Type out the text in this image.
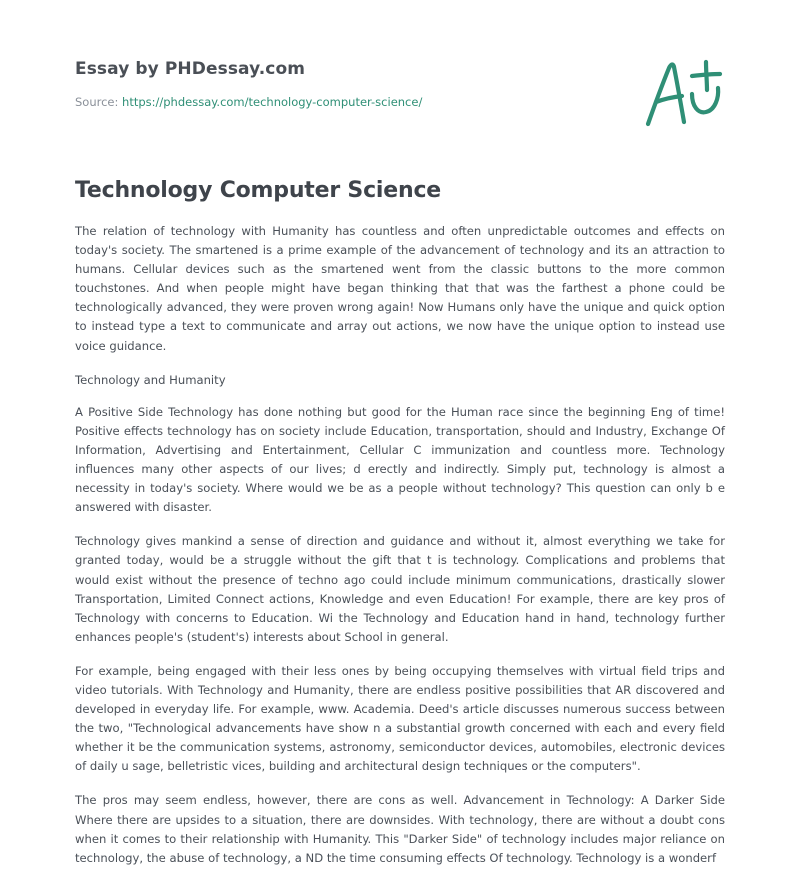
Essay by PHDessay.com
Source: https://phdessay.com/technology-computer-science/
Technology Computer Science

The relation of technology with Humanity has countless and often unpredictable outcomes and effects on today's society. The smartened is a prime example of the advancement of technology and its an attraction to humans. Cellular devices such as the smartened went from the classic buttons to the more common touchstones. And when people might have began thinking that that was the farthest a phone could be technologically advanced, they were proven wrong again! Now Humans only have the unique and quick option to instead type a text to communicate and array out actions, we now have the unique option to instead use voice guidance.

Technology and Humanity

A Positive Side Technology has done nothing but good for the Human race since the beginning Eng of time! Positive effects technology has on society include Education, transportation, should and Industry, Exchange Of Information, Advertising and Entertainment, Cellular C immunization and countless more. Technology influences many other aspects of our lives; d erectly and indirectly. Simply put, technology is almost a necessity in today's society. Where would we be as a people without technology? This question can only b e answered with disaster.

Technology gives mankind a sense of direction and guidance and without it, almost everything we take for granted today, would be a struggle without the gift that t is technology. Complications and problems that would exist without the presence of techno ago could include minimum communications, drastically slower Transportation, Limited Connect actions, Knowledge and even Education! For example, there are key pros of Technology with concerns to Education. Wi the Technology and Education hand in hand, technology further enhances people's (student's) interests about School in general.

For example, being engaged with their less ones by being occupying themselves with virtual field trips and video tutorials. With Technology and Humanity, there are endless positive possibilities that AR discovered and developed in everyday life. For example, www. Academia. Deed's article discusses numerous success between the two, "Technological advancements have show n a substantial growth concerned with each and every field whether it be the communication systems, astronomy, semiconductor devices, automobiles, electronic devices of daily u sage, belletristic vices, building and architectural design techniques or the computers".

The pros may seem endless, however, there are cons as well. Advancement in Technology: A Darker Side Where there are upsides to a situation, there are downsides. With technology, there are without a doubt cons when it comes to their relationship with Humanity. This "Darker Side" of technology includes major reliance on technology, the abuse of technology, a ND the time consuming effects Of technology. Technology is a wonderf
